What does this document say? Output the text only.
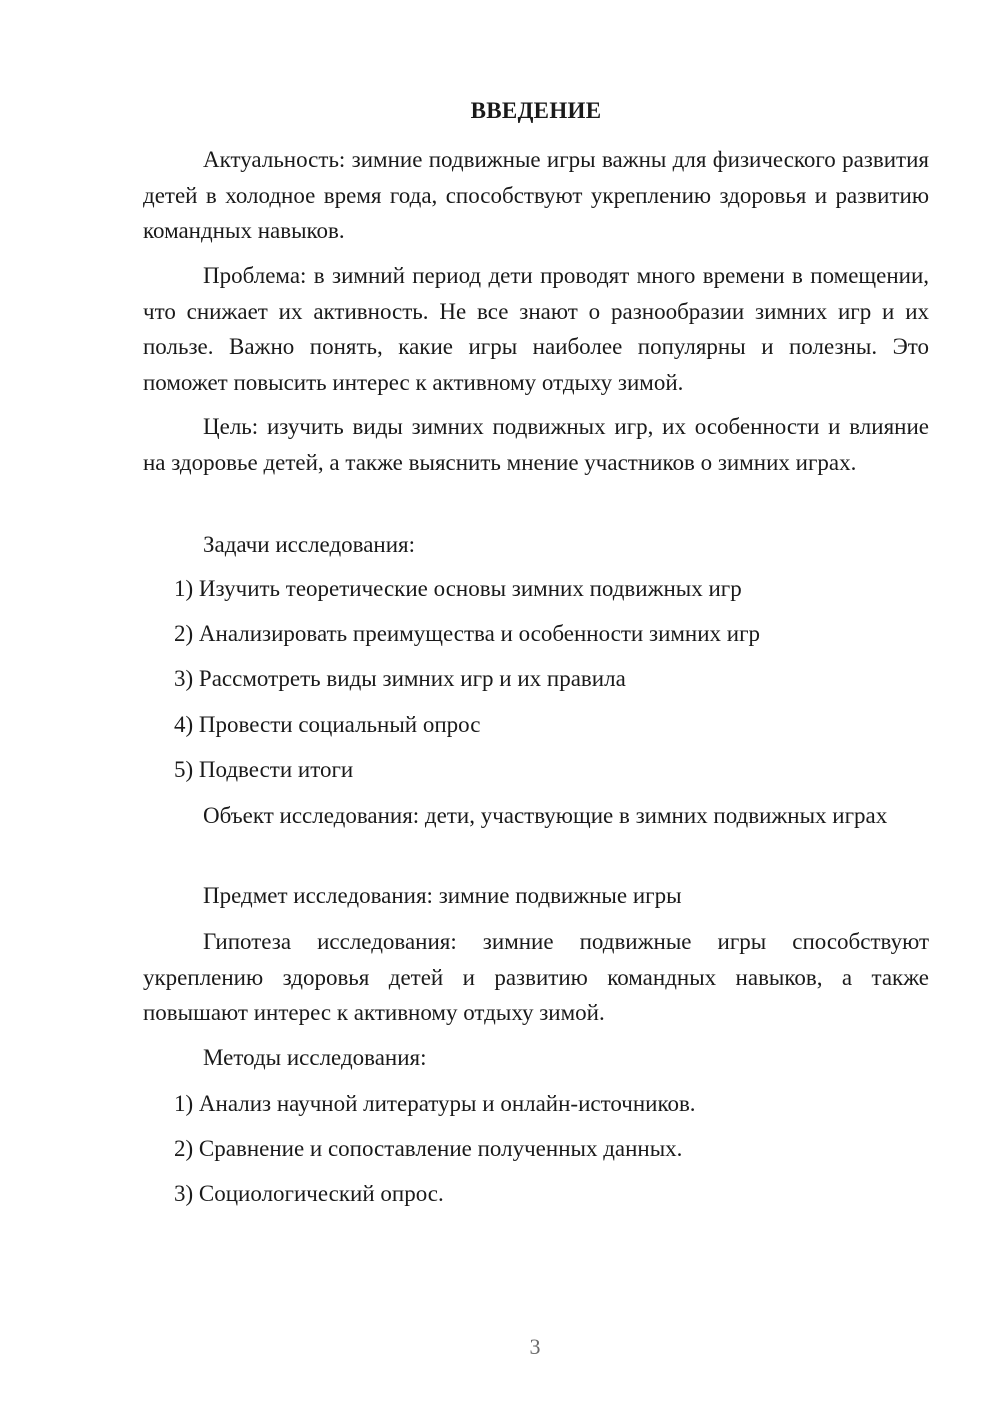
ВВЕДЕНИЕ
Актуальность: зимние подвижные игры важны для физического развития детей в холодное время года, способствуют укреплению здоровья и развитию командных навыков.
Проблема: в зимний период дети проводят много времени в помещении, что снижает их активность. Не все знают о разнообразии зимних игр и их пользе. Важно понять, какие игры наиболее популярны и полезны. Это поможет повысить интерес к активному отдыху зимой.
Цель: изучить виды зимних подвижных игр, их особенности и влияние на здоровье детей, а также выяснить мнение участников о зимних играх.
Задачи исследования:
1) Изучить теоретические основы зимних подвижных игр
2) Анализировать преимущества и особенности зимних игр
3) Рассмотреть виды зимних игр и их правила
4) Провести социальный опрос
5) Подвести итоги
Объект исследования: дети, участвующие в зимних подвижных играх
Предмет исследования: зимние подвижные игры
Гипотеза исследования: зимние подвижные игры способствуют укреплению здоровья детей и развитию командных навыков, а также повышают интерес к активному отдыху зимой.
Методы исследования:
1) Анализ научной литературы и онлайн-источников.
2) Сравнение и сопоставление полученных данных.
3) Социологический опрос.
3
